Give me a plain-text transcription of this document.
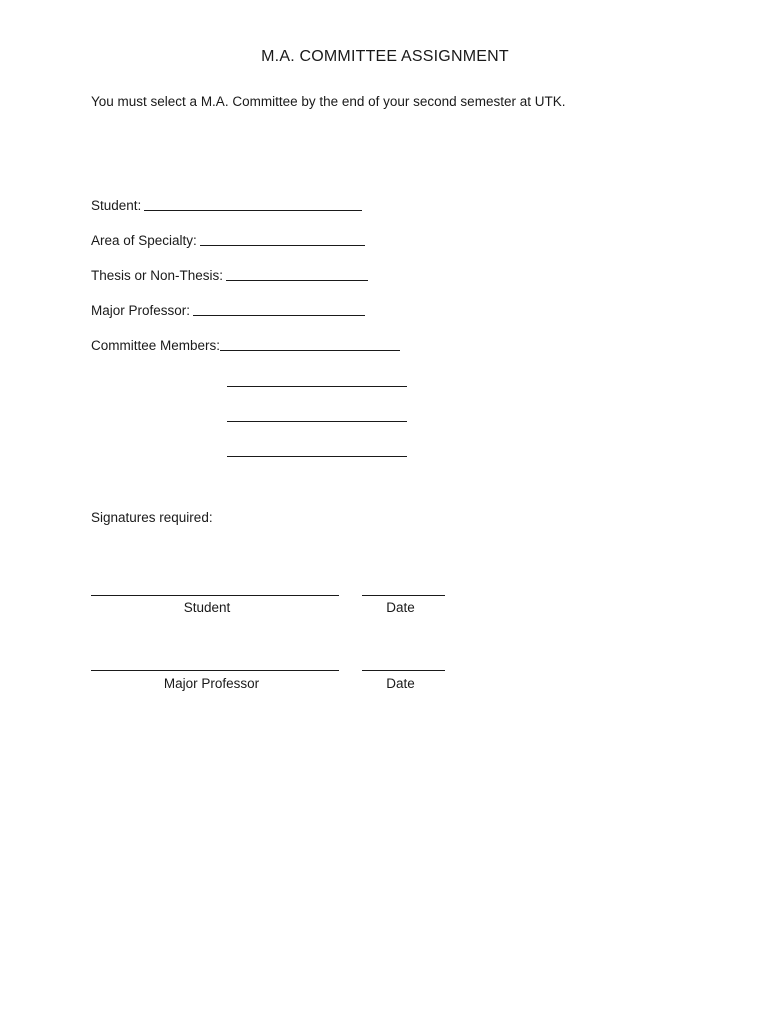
M.A. COMMITTEE ASSIGNMENT
You must select a M.A. Committee by the end of your second semester at UTK.
Student:
Area of Specialty:
Thesis or Non-Thesis:
Major Professor:
Committee Members:
Signatures required:
Student	Date
Major Professor	Date
